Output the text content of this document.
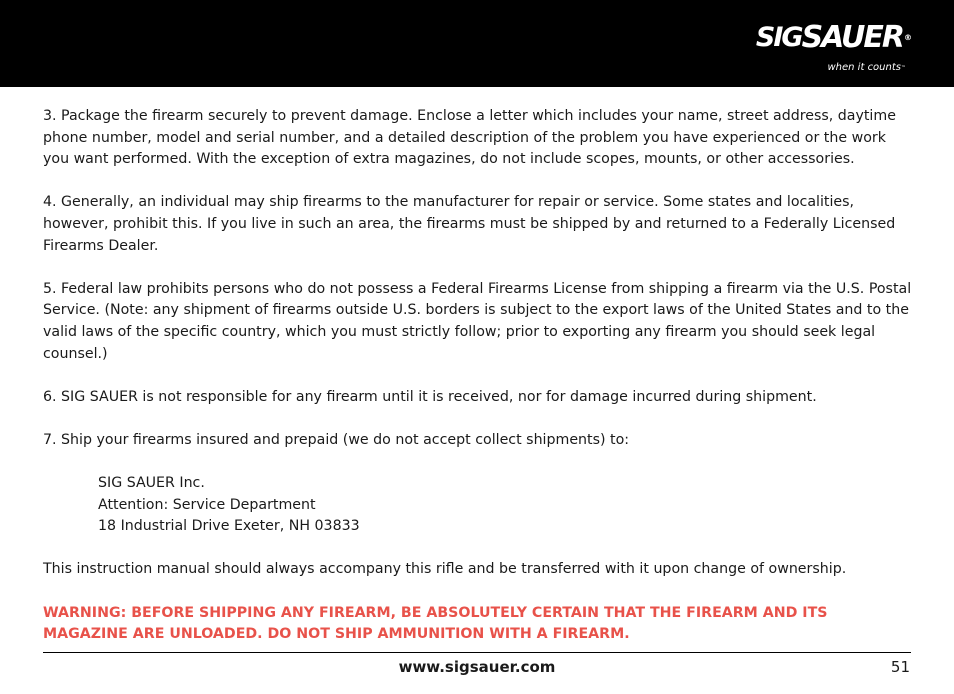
SIGSAUER®
when it counts™

3. Package the firearm securely to prevent damage. Enclose a letter which includes your name, street address, daytime phone number, model and serial number, and a detailed description of the problem you have experienced or the work you want performed. With the exception of extra magazines, do not include scopes, mounts, or other accessories.

4. Generally, an individual may ship firearms to the manufacturer for repair or service. Some states and localities, however, prohibit this. If you live in such an area, the firearms must be shipped by and returned to a Federally Licensed Firearms Dealer.

5. Federal law prohibits persons who do not possess a Federal Firearms License from shipping a firearm via the U.S. Postal Service. (Note: any shipment of firearms outside U.S. borders is subject to the export laws of the United States and to the valid laws of the specific country, which you must strictly follow; prior to exporting any firearm you should seek legal counsel.)

6. SIG SAUER is not responsible for any firearm until it is received, nor for damage incurred during shipment.

7. Ship your firearms insured and prepaid (we do not accept collect shipments) to:

SIG SAUER Inc.
Attention: Service Department
18 Industrial Drive Exeter, NH 03833

This instruction manual should always accompany this rifle and be transferred with it upon change of ownership.

WARNING: BEFORE SHIPPING ANY FIREARM, BE ABSOLUTELY CERTAIN THAT THE FIREARM AND ITS MAGAZINE ARE UNLOADED. DO NOT SHIP AMMUNITION WITH A FIREARM.

www.sigsauer.com	51
